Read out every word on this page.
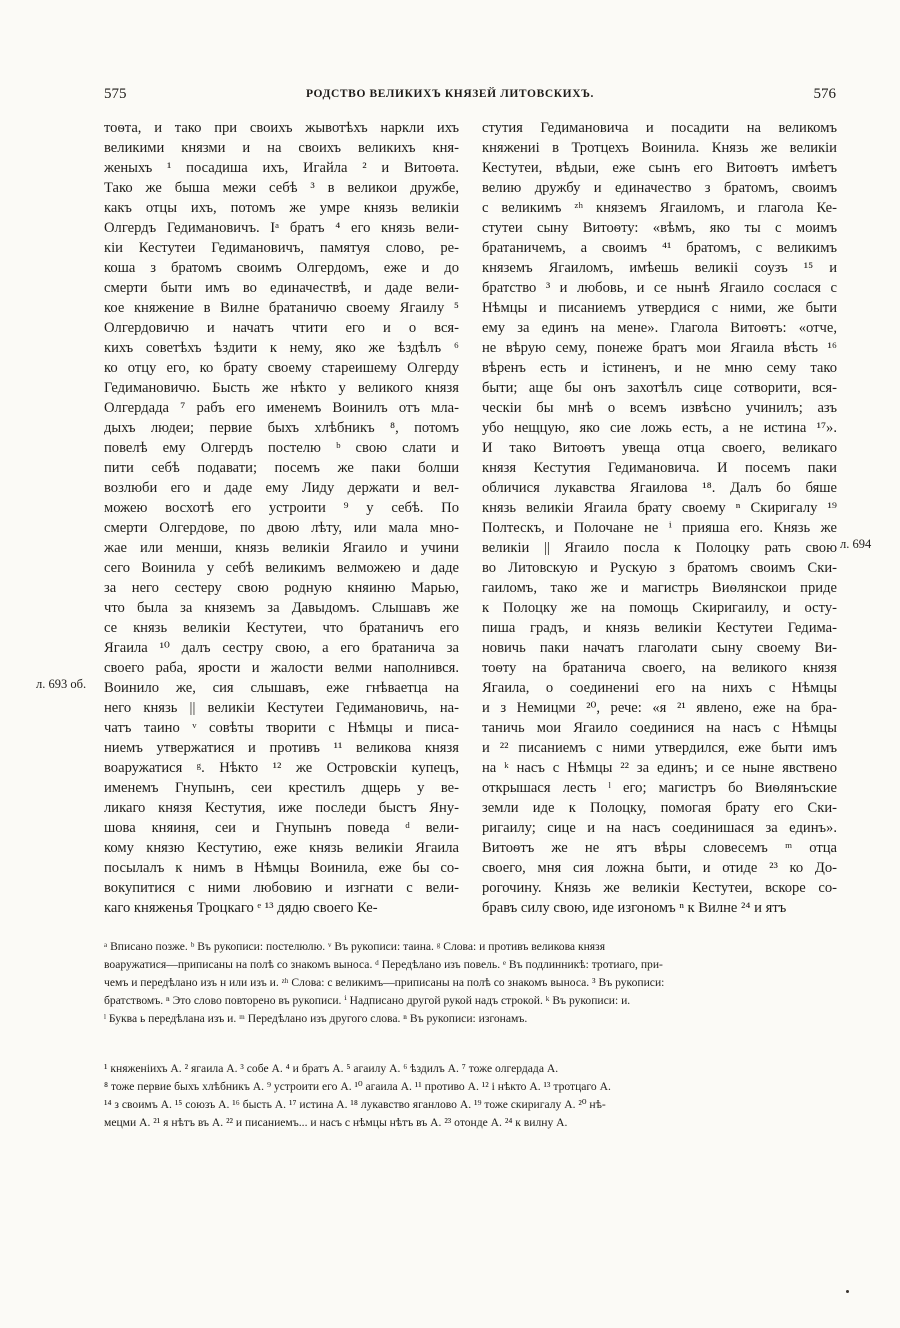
575	РОДСТВО ВЕЛИКИХЪ КНЯЗЕЙ ЛИТОВСКИХЪ.	576
тоѳта, и тако при своихъ жывотѣхъ наркли ихъ
великими князми и на своихъ великихъ кня-
женыхъ ¹ посадиша ихъ, Игайла ² и Витоѳта.
Тако же быша межи себѣ ³ в великои дружбе,
какъ отцы ихъ, потомъ же умре князь великіи
Олгердъ Гедимановичъ. Іᵃ братъ ⁴ его князь вели-
кіи Кестутеи Гедимановичъ, памятуя слово, ре-
коша з братомъ своимъ Олгердомъ, еже и до
смерти быти имъ во единачествѣ, и даде вели-
кое княжение в Вилне братаничю своему Ягаилу ⁵
Олгердовичю и начатъ чтити его и о вся-
кихъ советѣхъ ѣздити к нему, яко же ѣздѣлъ ⁶
ко отцу его, ко брату своему стареишему Олгерду
Гедимановичю. Бысть же нѣкто у великого князя
Олгердада ⁷ рабъ его именемъ Воинилъ отъ мла-
дыхъ людеи; первие быхъ хлѣбникъ ⁸, потомъ
повелѣ ему Олгердъ постелю ᵇ свою слати и
пити себѣ подавати; посемъ же паки болши
возлюби его и даде ему Лиду держати и вел-
можею восхотѣ его устроити ⁹ у себѣ. По
смерти Олгердове, по двою лѣту, или мала мно-
жае или менши, князь великіи Ягаило и учини
сего Воинила у себѣ великимъ велможею и даде
за него сестеру свою родную княиню Марью,
что была за княземъ за Давыдомъ. Слышавъ же
се князь великіи Кестутеи, что братаничъ его
Ягаила ¹⁰ далъ сестру свою, а его братанича за
своего раба, ярости и жалости велми наполнився.
Воинило же, сия слышавъ, еже гнѣваетца на
него князь || великіи Кестутеи Гедимановичь, на-
чатъ таино ᵛ совѣты творити с Нѣмцы и писа-
ниемъ утвержатися и противъ ¹¹ великова князя
воаружатися ᵍ. Нѣкто ¹² же Островскіи купецъ,
именемъ Гнупынъ, сеи крестилъ дщерь у ве-
ликаго князя Кестутия, иже последи быстъ Яну-
шова княиня, сеи и Гнупынъ поведа ᵈ вели-
кому князю Кестутию, еже князь великіи Ягаила
посылалъ к нимъ в Нѣмцы Воинила, еже бы со-
вокупитися с ними любовию и изгнати с вели-
каго княженья Троцкаго ᵉ ¹³ дядю своего Ке-
стутия Гедимановича и посадити на великомъ
княжениі в Тротцехъ Воинила. Князь же великіи
Кестутеи, вѣдыи, еже сынъ его Витоѳтъ имѣетъ
велию дружбу и единачество з братомъ, своимъ
с великимъ ᶻʰ княземъ Ягаиломъ, и глагола Ке-
стутеи сыну Витоѳту: «вѣмъ, яко ты с моимъ
братаничемъ, а своимъ ⁴¹ братомъ, с великимъ
княземъ Ягаиломъ, имѣешь великіі соузъ ¹⁵ и
братство ³ и любовь, и се нынѣ Ягаило сослася с
Нѣмцы и писаниемъ утвердися с ними, же быти
ему за единъ на мене». Глагола Витоѳтъ: «отче,
не вѣрую сему, понеже братъ мои Ягаила вѣсть ¹⁶
вѣренъ есть и істиненъ, и не мню сему тако
быти; аще бы онъ захотѣлъ сице сотворити, вся-
ческіи бы мнѣ о всемъ извѣсно учинилъ; азъ
убо нещцую, яко сие ложь есть, а не истина ¹⁷».
И тако Витоѳтъ увеща отца своего, великаго
князя Кестутия Гедимановича. И посемъ паки
обличися лукавства Ягаилова ¹⁸. Далъ бо бяше
князь великіи Ягаила брату своему ⁿ Скиригалу ¹⁹
Полтескъ, и Полочане не ⁱ прияша его. Князь же
великіи || Ягаило посла к Полоцку рать свою
во Литовскую и Рускую з братомъ своимъ Ски-
гаиломъ, тако же и магистрь Виѳлянскои приде
к Полоцку же на помощь Скиригаилу, и осту-
пиша градъ, и князь великіи Кестутеи Гедима-
новичь паки начатъ глаголати сыну своему Ви-
тоѳту на братанича своего, на великого князя
Ягаила, о соединениі его на нихъ с Нѣмцы
и з Немицми ²⁰, рече: «я ²¹ явлено, еже на бра-
таничь мои Ягаило соединися на насъ с Нѣмцы
и ²² писаниемъ с ними утвердился, еже быти имъ
на ᵏ насъ с Нѣмцы ²² за единъ; и се ныне явствено
открышася лесть ˡ его; магистръ бо Виѳлянъские
земли иде к Полоцку, помогая брату его Ски-
ригаилу; сице и на насъ соединишася за единъ».
Витоѳтъ же не ятъ вѣры словесемъ ᵐ отца
своего, мня сия ложна быти, и отиде ²³ ко До-
рогочину. Князь же великіи Кестутеи, вскоре со-
бравъ силу свою, иде изгономъ ⁿ к Вилне ²⁴ и ятъ
л. 693 об.
л. 694
ᵃ Вписано позже. ᵇ Въ рукописи: постелюлю. ᵛ Въ рукописи: таина. ᵍ Слова: и противъ великова князя
воаружатися—приписаны на полѣ со знакомъ выноса. ᵈ Передѣлано изъ повель. ᵉ Въ подлинникѣ: тротиаго, при-
чемъ и передѣлано изъ н или изъ и. ᶻʰ Слова: с великимъ—приписаны на полѣ со знакомъ выноса. ³ Въ рукописи:
братствомъ. ⁿ Это слово повторено въ рукописи. ⁱ Надписано другой рукой надъ строкой. ᵏ Въ рукописи: и.
ˡ Буква ь передѣлана изъ и. ᵐ Передѣлано изъ другого слова. ⁿ Въ рукописи: изгонамъ.
¹ княженіихъ А. ² ягаила А. ³ собе А. ⁴ и братъ А. ⁵ агаилу А. ⁶ ѣздилъ А. ⁷ тоже олгердада А.
⁸ тоже первие быхъ хлѣбникъ А. ⁹ устроити его А. ¹⁰ агаила А. ¹¹ противо А. ¹² і нѣкто А. ¹³ тротцаго А.
¹⁴ з своимъ А. ¹⁵ союзъ А. ¹⁶ бысть А. ¹⁷ истина А. ¹⁸ лукавство яганлово А. ¹⁹ тоже скиригалу А. ²⁰ нѣ-
мецми А. ²¹ я нѣтъ въ А. ²² и писаниемъ... и насъ с нѣмцы нѣтъ въ А. ²³ отонде А. ²⁴ к вилну А.
